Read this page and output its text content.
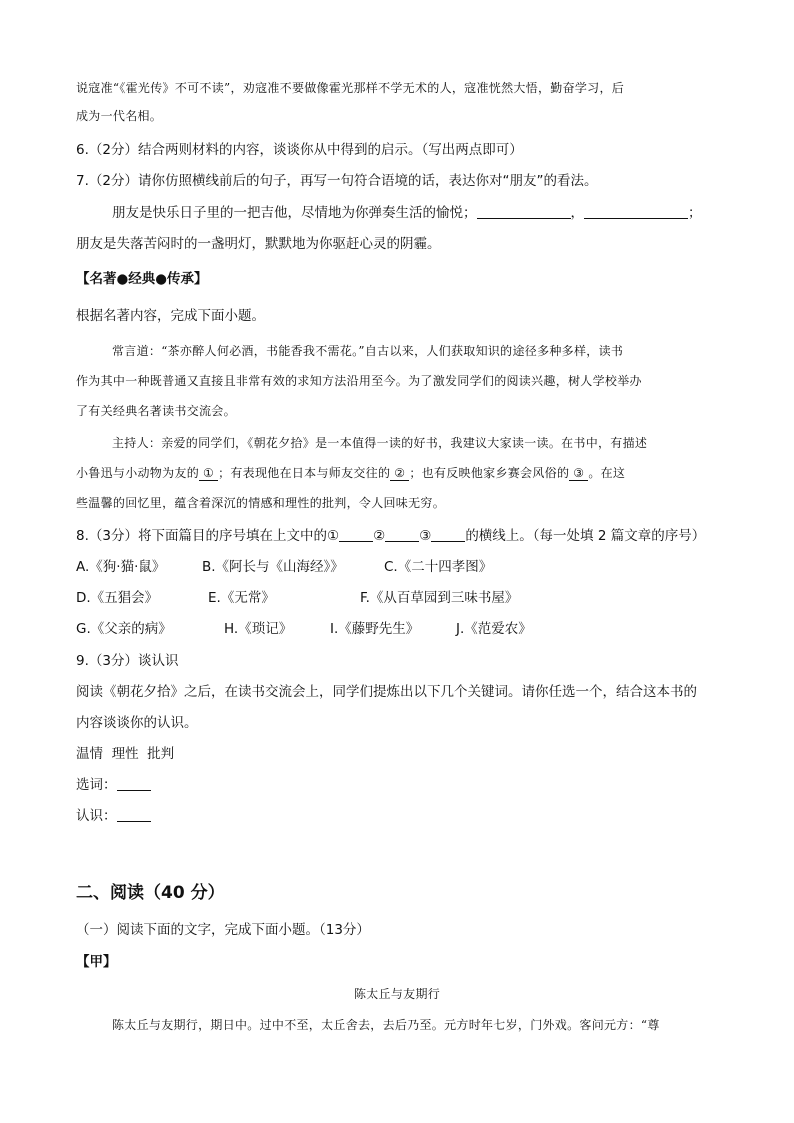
说寇准“《霍光传》不可不读”，劝寇准不要做像霍光那样不学无术的人，寇准恍然大悟，勤奋学习，后
成为一代名相。
6.（2分）结合两则材料的内容，谈谈你从中得到的启示。（写出两点即可）
7.（2分）请你仿照横线前后的句子，再写一句符合语境的话，表达你对“朋友”的看法。
朋友是快乐日子里的一把吉他，尽情地为你弹奏生活的愉悦；	，	；
朋友是失落苦闷时的一盏明灯，默默地为你驱赶心灵的阴霾。
【名著●经典●传承】
根据名著内容，完成下面小题。
常言道：“茶亦醉人何必酒，书能香我不需花。”自古以来，人们获取知识的途径多种多样，读书
作为其中一种既普通又直接且非常有效的求知方法沿用至今。为了激发同学们的阅读兴趣，树人学校举办
了有关经典名著读书交流会。
主持人：亲爱的同学们，《朝花夕拾》是一本值得一读的好书，我建议大家读一读。在书中，有描述
小鲁迅与小动物为友的 ① ；有表现他在日本与师友交往的 ② ；也有反映他家乡赛会风俗的 ③ 。在这
些温馨的回忆里，蕴含着深沉的情感和理性的批判，令人回味无穷。
8.（3分）将下面篇目的序号填在上文中的①	②	③	的横线上。（每一处填 2 篇文章的序号）
A.《狗·猫·鼠》	B.《阿长与《山海经》》	C.《二十四孝图》
D.《五猖会》	E.《无常》	F.《从百草园到三味书屋》
G.《父亲的病》	H.《琐记》	I.《藤野先生》	J.《范爱农》
9.（3分）谈认识
阅读《朝花夕拾》之后，在读书交流会上，同学们提炼出以下几个关键词。请你任选一个，结合这本书的
内容谈谈你的认识。
温情  理性  批判
选词：
认识：
二、阅读（40 分）
（一）阅读下面的文字，完成下面小题。（13分）
【甲】
陈太丘与友期行
陈太丘与友期行，期日中。过中不至，太丘舍去，去后乃至。元方时年七岁，门外戏。客问元方：“尊
